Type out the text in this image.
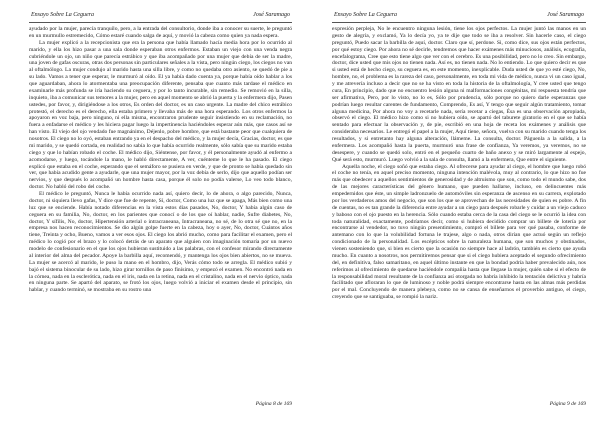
Ensayo Sobre La Ceguera	José Saramago

ayudado por la mujer, parecía tranquilo, pero, a la entrada del consultorio, donde iba a conocer su suerte, le preguntó en un murmullo estremecido, Cómo estaré cuando salga de aquí, y movió la cabeza como quien ya nada espera.

La mujer explicó a la recepcionista que era la persona que había llamado hacía media hora por lo ocurrido al marido, y ella los hizo pasar a una sala donde esperaban otros enfermos. Estaban un viejo con una venda negra cubriéndole un ojo, un niño que parecía estrábico y que iba acompañado por una mujer que debía de ser la madre, una joven de gafas oscuras, otras dos personas sin particulares señales a la vista, pero ningún ciego, los ciegos no van al oftalmólogo. La mujer condujo al marido hasta una silla libre, y como no quedaba otro asiento, se quedó de pie a su lado. Vamos a tener que esperar, le murmuró al oído. El ya había dado cuenta ya, porque había oído hablar a los que aguardaban, ahora lo atormentaba una preocupación diferente, pensaba que cuanto más tardase el médico en examinarle más profunda se iría haciendo su ceguera, y por lo tanto incurable, sin remedio. Se removió en la silla, inquieto, iba a comunicar sus temores a la mujer, pero en aquel momento se abrió la puerta y la enfermera dijo, Pasen ustedes, por favor, y, dirigiéndose a los otros, Es orden del doctor, es un caso urgente. La madre del chico estrábico protestó, el derecho es el derecho, ella estaba primero y llevaba más de una hora esperando. Los otros enfermos la apoyaron en voz baja, pero ninguno, ni ella misma, encontraron prudente seguir insistiendo en su reclamación, no fuera a enfadarse el médico y les hiciera pagar luego la impertinencia haciéndoles esperar aún más, que casos así se han visto. El viejo del ojo vendado fue magnánimo, Déjenlo, pobre hombre, que está bastante peor que cualquiera de nosotros. El ciego no lo oyó, estaban entrando ya en el despacho del médico, y la mujer decía, Gracias, doctor, es que mi marido, y se quedó cortada, en realidad no sabía lo que había ocurrido realmente, sólo sabía que su marido estaba ciego y que lo habían robado el coche. El médico dijo, Siéntense, por favor, y él personalmente ayudó al enfermo a acomodarse, y luego, tocándole la mano, le habló directamente, A ver, cuénteme lo que le ha pasado. El ciego explicó que estaba en el coche, esperando que el semáforo se pusiera en verde, y que de pronto se había quedado sin ver, que había acudido gente a ayudarle, que una mujer mayor, por la voz debía de serlo, dijo que aquello podían ser nervios, y que después lo acompañó un hombre hasta casa, porque él solo no podía valerse, Lo veo todo blanco, doctor. No habló del robo del coche.

El médico le preguntó, Nunca le había ocurrido nada así, quiero decir, lo de ahora, o algo parecido, Nunca, doctor, ni siquiera llevo gafas, Y dice que fue de repente, Sí, doctor, Como una luz que se apaga, Más bien como una luz que se enciende. Había notado diferencias en la vista estos días pasados, No, doctor, Y había algún caso de ceguera en su familia, No, doctor, en los parientes que conocí o de los que oí hablar, nadie, Sufre diabetes, No, doctor, Y sífilis, No, doctor, Hipertensión arterial o intracraneana, Intracraneana, no sé, de lo otra sé que no, en la empresa nos hacen reconocimientos. Se dio algún golpe fuerte en la cabeza, hoy o ayer, No, doctor, Cuántos años tiene, Treinta y ocho, Bueno, vamos a ver esos ojos. El ciego los abrió mucho, como para facilitar el examen, pero el médico lo cogió por el brazo y lo colocó detrás de un aparato que alguien con imaginación tomaría por un nuevo modelo de confesionario en el que los ojos hubieran sustituido a las palabras, con el confesor mirando directamente al interior del alma del pecador. Apoye la barbilla aquí, recomendó, y mantenga los ojos bien abiertos, no se mueva. La mujer se acercó al marido, le puso la mano en el hombro, dijo, Verás cómo todo se arregla. El médico subió y bajó el sistema binocular de su lado, hizo girar tornillos de paso finísimo, y empezó el examen. No encontró nada en la córnea, nada en la esclerótica, nada en el iris, nada en la retina, nada en el cristalino, nada en el nervio óptico, nada en ninguna parte. Se apartó del aparato, se frotó los ojos, luego volvió a iniciar el examen desde el principio, sin hablar, y cuando terminó, se mostraba en su rostro una

Página 8 de 169
Ensayo Sobre La Ceguera	José Saramago

expresión perpleja, No le encuentro ninguna lesión, tiene los ojos perfectos. La mujer juntó las manos en un gesto de alegría, y exclamó, Ya lo decía yo, ya te dije que todo se iba a resolver. Sin hacerle caso, el ciego preguntó, Puedo sacar la barbilla de aquí, doctor. Claro que sí, perdone. Si, como dice, sus ojos están perfectos, por qué estoy ciego. Por ahora no sé decirle, tendremos que hacer exámenes más minuciosos, análisis, ecografía, encefalograma, Cree que esto tiene algo que ver con el cerebro. Es una posibilidad, pero no lo creo. Sin embargo, doctor, dice usted que mis ojos no tienen nada. Así es, no tienen nada. No lo entiendo. Lo que quiero decir es que si usted está de hecho ciego, su ceguera es, en este momento, inexplicable. Duda usted de que yo esté ciego, No, hombre, no, el problema es la rareza del caso, personalmente, en toda mi vida de médico, nunca vi un caso igual, y me atrevería incluso a decir que no se ha visto en toda la historia de la oftalmología, Y cree usted que tengo cura, En principio, dado que no encuentro lesión alguna ni malformaciones congénitas, mi respuesta tendría que ser afirmativa, Pero, por lo visto, no lo es, Sólo por prudencia, sólo porque no quiero darle esperanzas que podrían luego resultar carentes de fundamento, Comprendo, Es así, Y tengo que seguir algún tratamiento, tomar alguna medicina, Por ahora no voy a recetarle nada, sería recetar a ciegas, Ésa es una observación apropiada, observó el ciego. El médico hizo como si no hubiera oído, se apartó del taburete giratorio en el que se había sentado para efectuar la observación y, de pie, escribió en una hoja de receta los exámenes y análisis que consideraba necesarios. Le entregó el papel a la mujer, Aquí tiene, señora, vuelva con su marido cuando tenga los resultados, y si entretanto hay alguna alteración, llámeme. La consulta, doctor. Páguenla a la salida, a la enfermera. Los acompañó hasta la puerta, murmuró una frase de confianza, Ya veremos, ya veremos, no se desespere, y cuando se quedó solo, entró en el pequeño cuarto de baño anexo y se miró largamente al espejo, Qué será esto, murmuró. Luego volvió a la sala de consulta, llamó a la enfermera, Que entre el siguiente.

Aquella noche, el ciego soñó que estaba ciego. Al ofrecerse para ayudar al ciego, el hombre que luego robó el coche no tenía, en aquel preciso momento, ninguna intención malévola, muy al contrario, lo que hizo no fue más que obedecer a aquellos sentimientos de generosidad y de altruismo que son, como todo el mundo sabe, dos de las mejores características del género humano, que pueden hallarse, incluso, en delincuentes más empedernidos que éste, un simple ladronzuelo de automóviles sin esperanza de ascenso en su carrera, explotado por los verdaderos amos del negocio, que son los que se aprovechan de las necesidades de quien es pobre. A fin de cuentas, no es tan grande la diferencia entre ayudar a un ciego para después robarle y cuidar a un viejo caduco y baboso con el ojo puesto en la herencia. Sólo cuando estaba cerca de la casa del ciego se le ocurrió la idea con toda naturalidad, exactamente, podríamos decir, como si hubiera decidido comprar un billete de lotería por encontrarse al vendedor, no tuvo ningún presentimiento, compró el billete para ver qué pasaba, conforme de antemano con lo que la volubilidad fortuna le trajese, algo o nada, otros dirían que actuó según un reflejo condicionado de la personalidad. Los escépticos sobre la naturaleza humana, que son muchos y obstinados, vienen sosteniendo que, si bien es cierto que la ocasión no siempre hace al ladrón, también es cierto que ayuda mucho. En cuanto a nosotros, nos permitiremos pensar que si el ciego hubiera aceptado el segundo ofrecimiento del, en definitiva, falso samaritano, en aquel último instante en que la bondad podría haber prevalecido aún, nos referimos al ofrecimiento de quedarse haciéndole compañía hasta que llegase la mujer, quién sabe si el efecto de la responsabilidad moral resultante de la confianza así otorgada no habría inhibido la tentación delictiva y habría facilitado que afloraran lo que de luminoso y noble podrá siempre encontrarse hasta en las almas más perdidas por el mal. Concluyendo de manera plebeya, como no se cansa de enseñarnos el proverbio antiguo, el ciego, creyendo que se santiguaba, se rompió la nariz.

Página 9 de 169
